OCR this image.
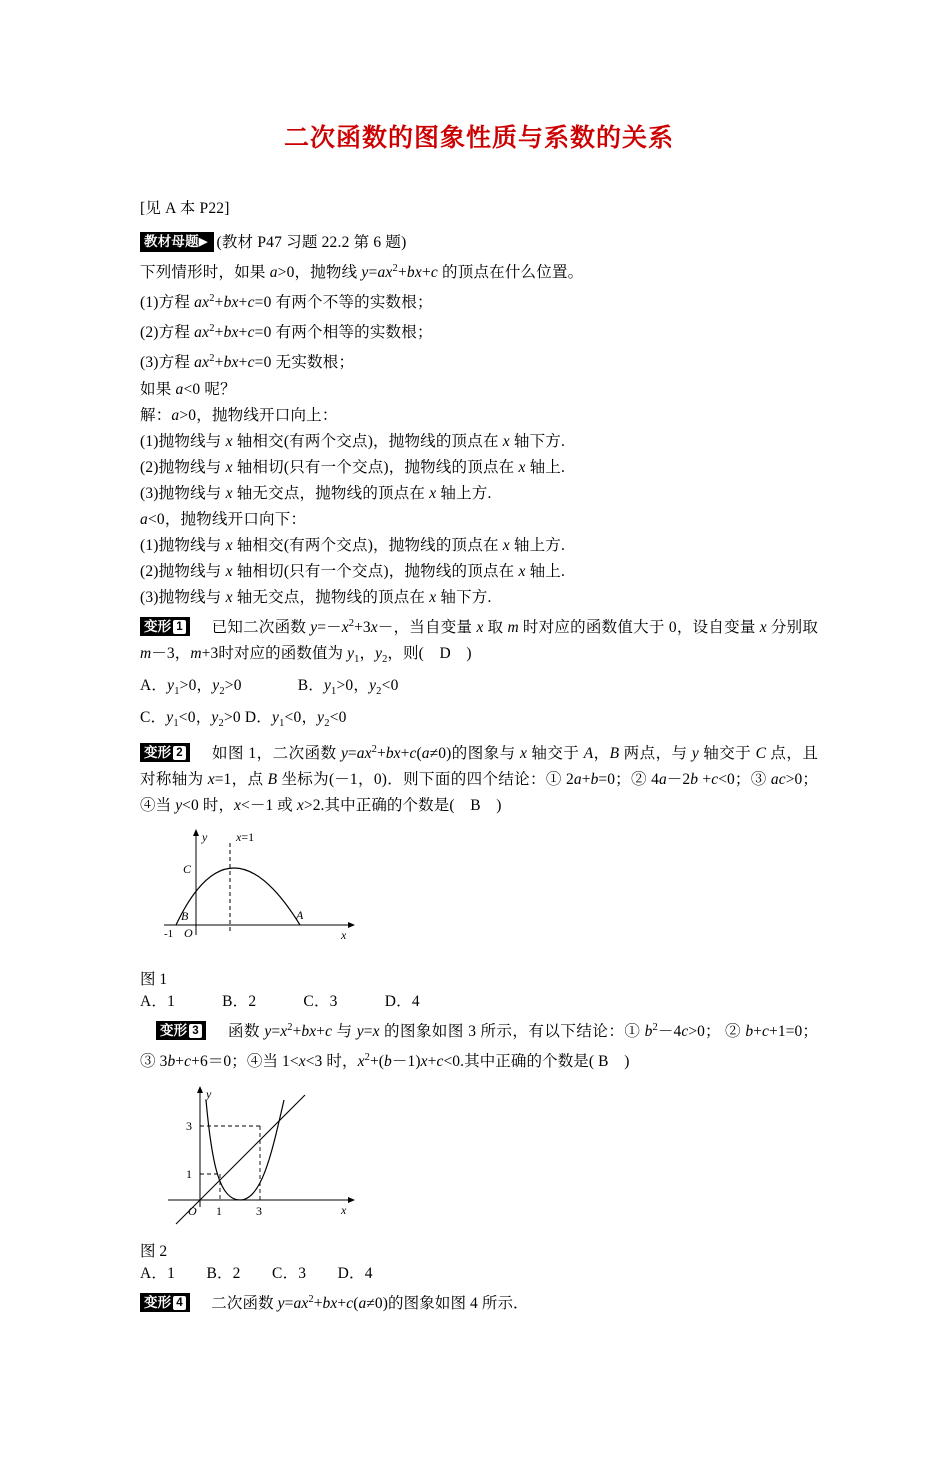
二次函数的图象性质与系数的关系
[见 A 本 P22]
教材母题▶ (教材 P47 习题 22.2 第 6 题)
下列情形时，如果 a>0，抛物线 $y=ax^2+bx+c$ 的顶点在什么位置。
(1)方程 $ax^2+bx+c=0$ 有两个不等的实数根；
(2)方程 $ax^2+bx+c=0$ 有两个相等的实数根；
(3)方程 $ax^2+bx+c=0$ 无实数根；
如果 a<0 呢？
解：a>0，抛物线开口向上：
(1)抛物线与 x 轴相交(有两个交点)，抛物线的顶点在 x 轴下方.
(2)抛物线与 x 轴相切(只有一个交点)，抛物线的顶点在 x 轴上.
(3)抛物线与 x 轴无交点，抛物线的顶点在 x 轴上方.
a<0，抛物线开口向下：
(1)抛物线与 x 轴相交(有两个交点)，抛物线的顶点在 x 轴上方.
(2)抛物线与 x 轴相切(只有一个交点)，抛物线的顶点在 x 轴上.
(3)抛物线与 x 轴无交点，抛物线的顶点在 x 轴下方.
变形 1 　已知二次函数 $y=-x^2+3x-$，当自变量 x 取 m 时对应的函数值大于 0，设自变量 x 分别取 m－3，m+3时对应的函数值为 $y_1$，$y_2$，则(　D　)
A．$y_1>0$，$y_2>0$	B．$y_1>0$，$y_2<0$
C．$y_1<0$，$y_2>0$ D．$y_1<0$，$y_2<0$
变形 2 　如图 1，二次函数 $y=ax^2+bx+c(a\ne 0)$的图象与 x 轴交于 A，B 两点，与 y 轴交于 C 点，且对称轴为 x=1，点 B 坐标为(－1，0)．则下面的四个结论：① 2a+b=0；② 4a－2b +c<0；③ ac>0；④当 y<0 时，x<－1 或 x>2.其中正确的个数是(　B　)
y x=1
x
O
-1
B
C
A
图 1
A．1　　　B．2　　　C．3　　　D．4
　变形 3 　函数 $y=x^2+bx+c$ 与 y=x 的图象如图 3 所示，有以下结论：① $b^2-4c>0$； ② b+c+1=0；③ 3b+c+6＝0；④当 1<x<3 时，$x^2+(b-1)x+c<0$.其中正确的个数是( B　)
y
x
O
3
1
1	3
图 2
A．1　　B．2　　C．3　　D．4
变形 4 　二次函数 $y=ax^2+bx+c(a\ne 0)$的图象如图 4 所示．
